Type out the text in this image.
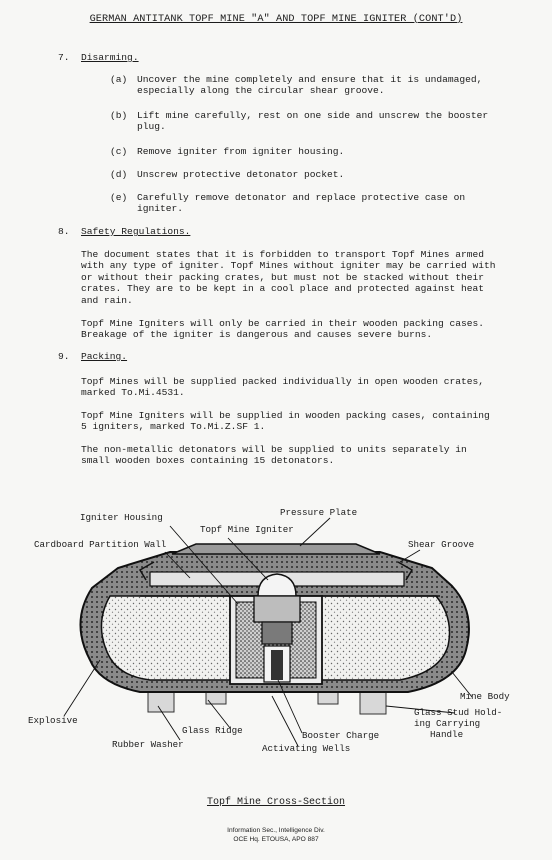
GERMAN ANTITANK TOPF MINE "A" AND TOPF MINE IGNITER (CONT'D)
7. Disarming.
(a) Uncover the mine completely and ensure that it is undamaged, especially along the circular shear groove.
(b) Lift mine carefully, rest on one side and unscrew the booster plug.
(c) Remove igniter from igniter housing.
(d) Unscrew protective detonator pocket.
(e) Carefully remove detonator and replace protective case on igniter.
8. Safety Regulations.
The document states that it is forbidden to transport Topf Mines armed with any type of igniter. Topf Mines without igniter may be carried with or without their packing crates, but must not be stacked without their crates. They are to be kept in a cool place and protected against heat and rain.
Topf Mine Igniters will only be carried in their wooden packing cases. Breakage of the igniter is dangerous and causes severe burns.
9. Packing.
Topf Mines will be supplied packed individually in open wooden crates, marked To.Mi.4531.
Topf Mine Igniters will be supplied in wooden packing cases, containing 5 igniters, marked To.Mi.Z.SF 1.
The non-metallic detonators will be supplied to units separately in small wooden boxes containing 15 detonators.
Pressure Plate
Igniter Housing
Topf Mine Igniter
Cardboard Partition Wall	Shear Groove
Mine Body
Explosive
Glass Stud Hold-
ing Carrying
Handle
Glass Ridge
Rubber Washer
Booster Charge
Activating Wells
Topf Mine Cross-Section
Information Sec., Intelligence Div.
OCE Hq. ETOUSA, APO 887
